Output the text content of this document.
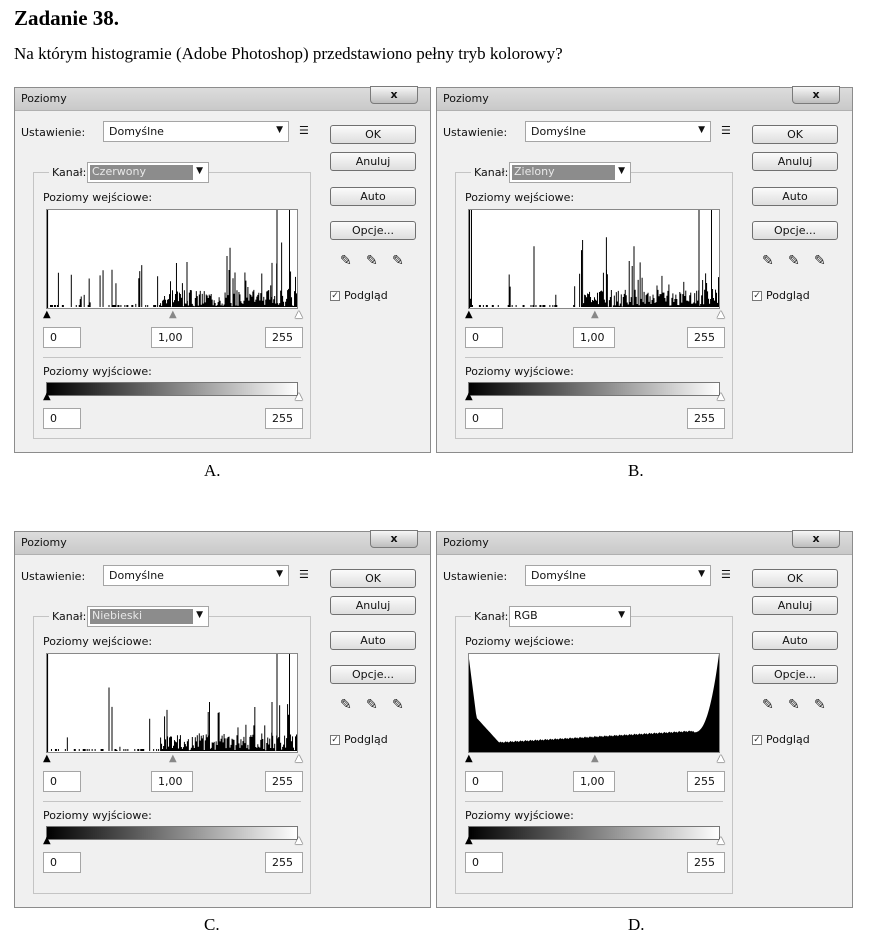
Zadanie 38.
Na którym histogramie (Adobe Photoshop) przedstawiono pełny tryb kolorowy?
Poziomy	x
Ustawienie: Domyślne	▼ ☰	OK
Anuluj
Auto
Opcje...
✎ ✎ ✎
✓ Podgląd
Kanał: Czerwony	▼
Poziomy wejściowe:
▲	▲	▲
0	1,00	255
Poziomy wyjściowe:
▲	▲
0	255
A.
Poziomy	x
Ustawienie: Domyślne	▼ ☰	OK
Anuluj
Auto
Opcje...
✎ ✎ ✎
✓ Podgląd
Kanał: Zielony	▼
Poziomy wejściowe:
▲	▲	▲
0	1,00	255
Poziomy wyjściowe:
▲	▲
0	255
B.
Poziomy	x
Ustawienie: Domyślne	▼ ☰	OK
Anuluj
Auto
Opcje...
✎ ✎ ✎
✓ Podgląd
Kanał: Niebieski	▼
Poziomy wejściowe:
▲	▲	▲
0	1,00	255
Poziomy wyjściowe:
▲	▲
0	255
C.
Poziomy	x
Ustawienie: Domyślne	▼ ☰	OK
Anuluj
Auto
Opcje...
✎ ✎ ✎
✓ Podgląd
Kanał: RGB	▼
Poziomy wejściowe:
▲	▲	▲
0	1,00	255
Poziomy wyjściowe:
▲	▲
0	255
D.
